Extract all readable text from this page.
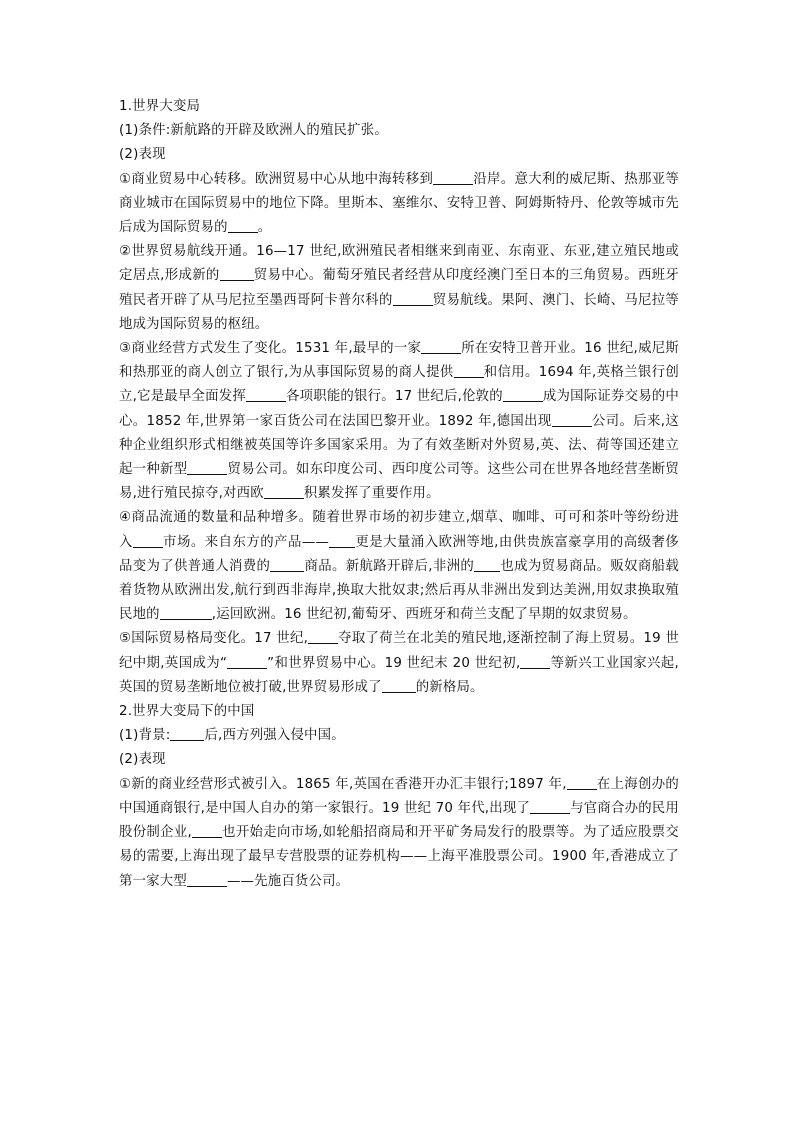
1.世界大变局

(1)条件:新航路的开辟及欧洲人的殖民扩张。

(2)表现

①商业贸易中心转移。欧洲贸易中心从地中海转移到	沿岸。意大利的威尼斯、热那亚等商业城市在国际贸易中的地位下降。里斯本、塞维尔、安特卫普、阿姆斯特丹、伦敦等城市先后成为国际贸易的 。

②世界贸易航线开通。16—17 世纪,欧洲殖民者相继来到南亚、东南亚、东亚,建立殖民地或定居点,形成新的	贸易中心。葡萄牙殖民者经营从印度经澳门至日本的三角贸易。西班牙殖民者开辟了从马尼拉至墨西哥阿卡普尔科的	贸易航线。果阿、澳门、长崎、马尼拉等地成为国际贸易的枢纽。

③商业经营方式发生了变化。1531 年,最早的一家	所在安特卫普开业。16 世纪,威尼斯和热那亚的商人创立了银行,为从事国际贸易的商人提供 和信用。1694 年,英格兰银行创立,它是最早全面发挥	各项职能的银行。17 世纪后,伦敦的	成为国际证券交易的中心。1852 年,世界第一家百货公司在法国巴黎开业。1892 年,德国出现	公司。后来,这种企业组织形式相继被英国等许多国家采用。为了有效垄断对外贸易,英、法、荷等国还建立起一种新型	贸易公司。如东印度公司、西印度公司等。这些公司在世界各地经营垄断贸易,进行殖民掠夺,对西欧	积累发挥了重要作用。

④商品流通的数量和品种增多。随着世界市场的初步建立,烟草、咖啡、可可和茶叶等纷纷进入 市场。来自东方的产品—— 更是大量涌入欧洲等地,由供贵族富豪享用的高级奢侈品变为了供普通人消费的	商品。新航路开辟后,非洲的 也成为贸易商品。贩奴商船载着货物从欧洲出发,航行到西非海岸,换取大批奴隶;然后再从非洲出发到达美洲,用奴隶换取殖民地的	,运回欧洲。16 世纪初,葡萄牙、西班牙和荷兰支配了早期的奴隶贸易。

⑤国际贸易格局变化。17 世纪, 夺取了荷兰在北美的殖民地,逐渐控制了海上贸易。19 世纪中期,英国成为“	”和世界贸易中心。19 世纪末 20 世纪初, 等新兴工业国家兴起,英国的贸易垄断地位被打破,世界贸易形成了	的新格局。

2.世界大变局下的中国

(1)背景:	后,西方列强入侵中国。

(2)表现

①新的商业经营形式被引入。1865 年,英国在香港开办汇丰银行;1897 年, 在上海创办的中国通商银行,是中国人自办的第一家银行。19 世纪 70 年代,出现了	与官商合办的民用股份制企业, 也开始走向市场,如轮船招商局和开平矿务局发行的股票等。为了适应股票交易的需要,上海出现了最早专营股票的证券机构——上海平准股票公司。1900 年,香港成立了第一家大型	——先施百货公司。
